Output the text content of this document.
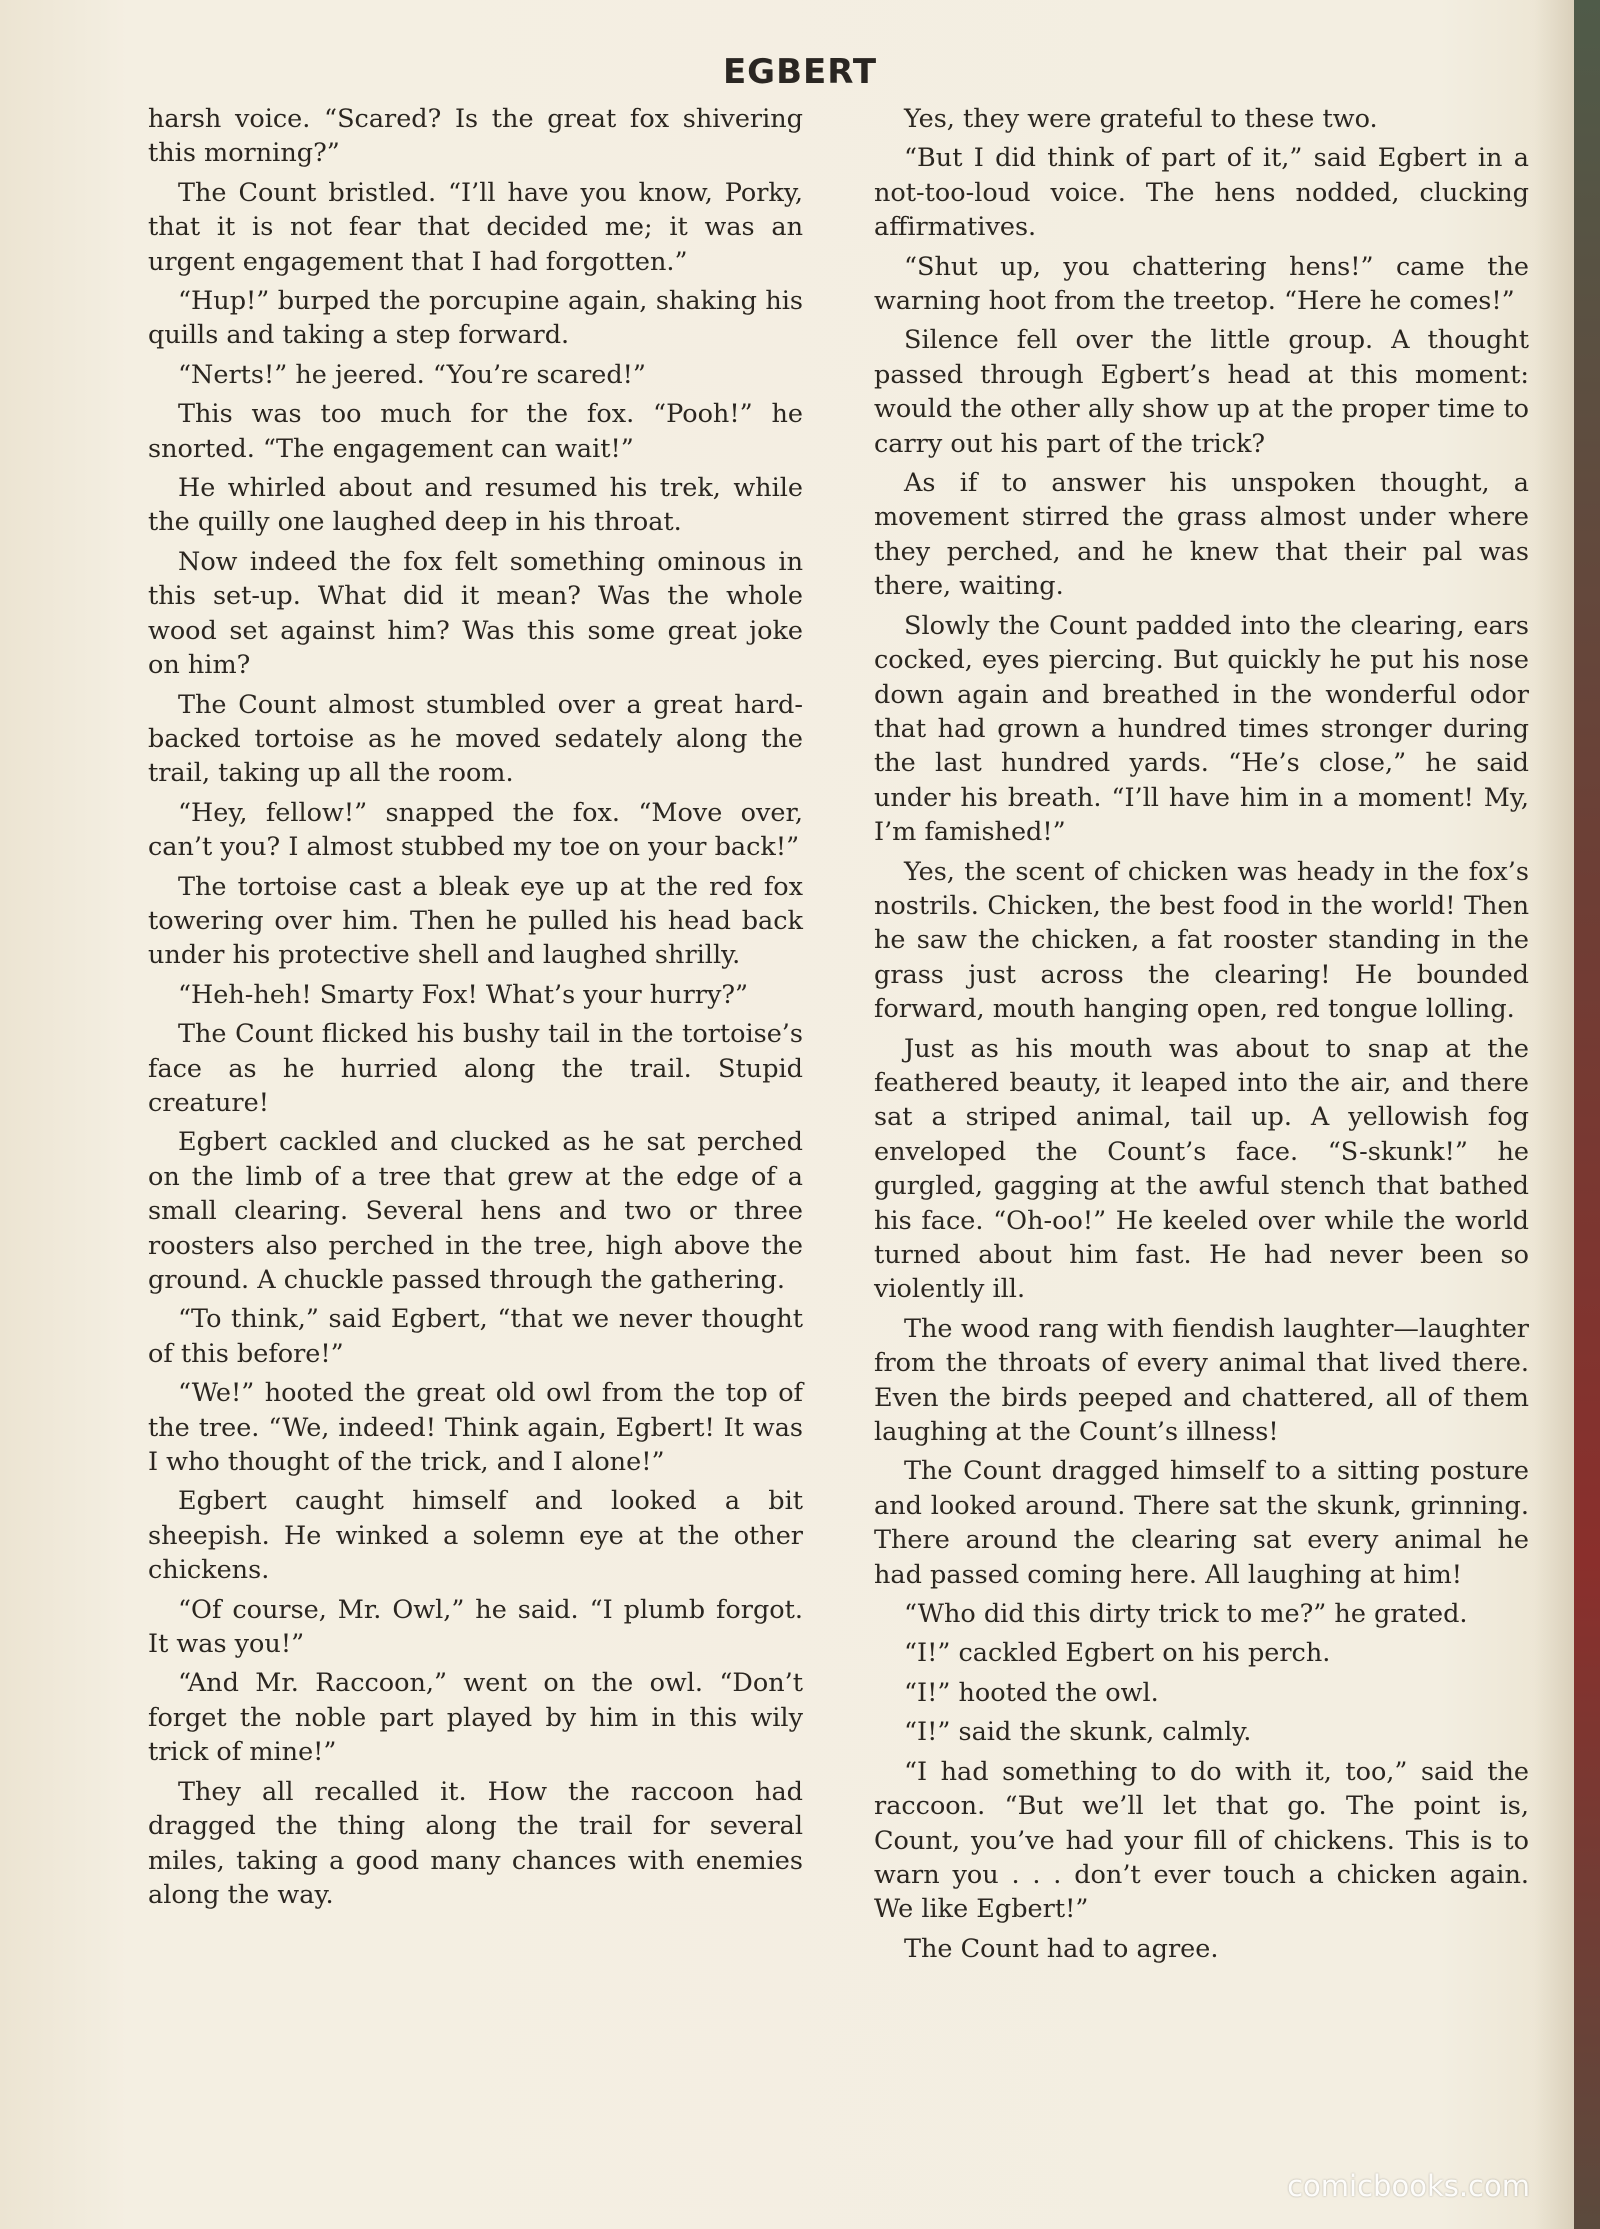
EGBERT

harsh voice. “Scared? Is the great fox shivering this morning?”

The Count bristled. “I’ll have you know, Porky, that it is not fear that decided me; it was an urgent engagement that I had forgotten.”

“Hup!” burped the porcupine again, shaking his quills and taking a step forward.

“Nerts!” he jeered. “You’re scared!”

This was too much for the fox. “Pooh!” he snorted. “The engagement can wait!”

He whirled about and resumed his trek, while the quilly one laughed deep in his throat.

Now indeed the fox felt something ominous in this set-up. What did it mean? Was the whole wood set against him? Was this some great joke on him?

The Count almost stumbled over a great hard-backed tortoise as he moved sedately along the trail, taking up all the room.

“Hey, fellow!” snapped the fox. “Move over, can’t you? I almost stubbed my toe on your back!”

The tortoise cast a bleak eye up at the red fox towering over him. Then he pulled his head back under his protective shell and laughed shrilly.

“Heh-heh! Smarty Fox! What’s your hurry?”

The Count flicked his bushy tail in the tortoise’s face as he hurried along the trail. Stupid creature!

Egbert cackled and clucked as he sat perched on the limb of a tree that grew at the edge of a small clearing. Several hens and two or three roosters also perched in the tree, high above the ground. A chuckle passed through the gathering.

“To think,” said Egbert, “that we never thought of this before!”

“We!” hooted the great old owl from the top of the tree. “We, indeed! Think again, Egbert! It was I who thought of the trick, and I alone!”

Egbert caught himself and looked a bit sheepish. He winked a solemn eye at the other chickens.

“Of course, Mr. Owl,” he said. “I plumb forgot. It was you!”

“And Mr. Raccoon,” went on the owl. “Don’t forget the noble part played by him in this wily trick of mine!”

They all recalled it. How the raccoon had dragged the thing along the trail for several miles, taking a good many chances with enemies along the way.

Yes, they were grateful to these two.

“But I did think of part of it,” said Egbert in a not-too-loud voice. The hens nodded, clucking affirmatives.

“Shut up, you chattering hens!” came the warning hoot from the treetop. “Here he comes!”

Silence fell over the little group. A thought passed through Egbert’s head at this moment: would the other ally show up at the proper time to carry out his part of the trick?

As if to answer his unspoken thought, a movement stirred the grass almost under where they perched, and he knew that their pal was there, waiting.

Slowly the Count padded into the clearing, ears cocked, eyes piercing. But quickly he put his nose down again and breathed in the wonderful odor that had grown a hundred times stronger during the last hundred yards. “He’s close,” he said under his breath. “I’ll have him in a moment! My, I’m famished!”

Yes, the scent of chicken was heady in the fox’s nostrils. Chicken, the best food in the world! Then he saw the chicken, a fat rooster standing in the grass just across the clearing! He bounded forward, mouth hanging open, red tongue lolling.

Just as his mouth was about to snap at the feathered beauty, it leaped into the air, and there sat a striped animal, tail up. A yellowish fog enveloped the Count’s face. “S-skunk!” he gurgled, gagging at the awful stench that bathed his face. “Oh-oo!” He keeled over while the world turned about him fast. He had never been so violently ill.

The wood rang with fiendish laughter—laughter from the throats of every animal that lived there. Even the birds peeped and chattered, all of them laughing at the Count’s illness!

The Count dragged himself to a sitting posture and looked around. There sat the skunk, grinning. There around the clearing sat every animal he had passed coming here. All laughing at him!

“Who did this dirty trick to me?” he grated.

“I!” cackled Egbert on his perch.

“I!” hooted the owl.

“I!” said the skunk, calmly.

“I had something to do with it, too,” said the raccoon. “But we’ll let that go. The point is, Count, you’ve had your fill of chickens. This is to warn you . . . don’t ever touch a chicken again. We like Egbert!”

The Count had to agree.

comicbooks.com
